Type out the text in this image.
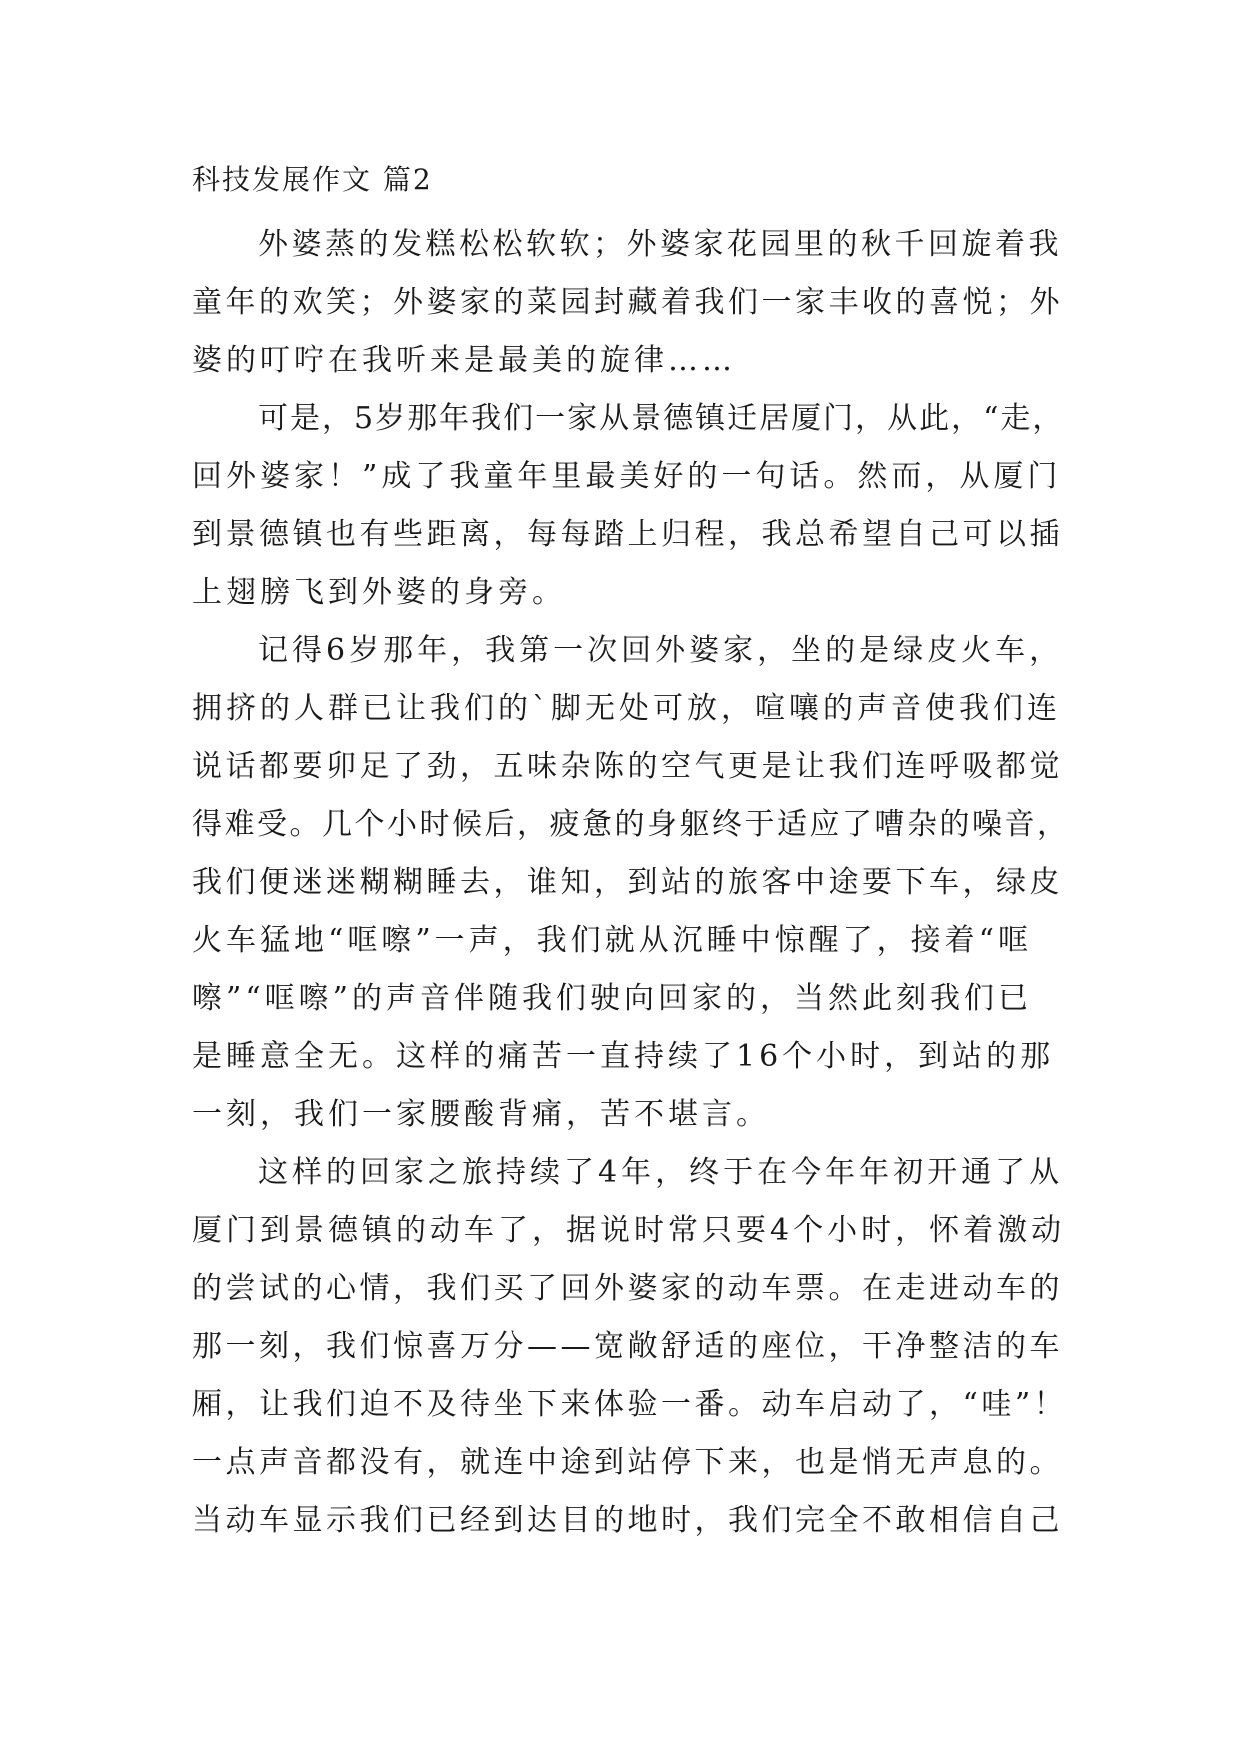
科技发展作文 篇2
外婆蒸的发糕松松软软；外婆家花园里的秋千回旋着我
童年的欢笑；外婆家的菜园封藏着我们一家丰收的喜悦；外
婆的叮咛在我听来是最美的旋律……
可是，5岁那年我们一家从景德镇迁居厦门，从此，“走，
回外婆家！”成了我童年里最美好的一句话。然而，从厦门
到景德镇也有些距离，每每踏上归程，我总希望自己可以插
上翅膀飞到外婆的身旁。
记得6岁那年，我第一次回外婆家，坐的是绿皮火车，
拥挤的人群已让我们的`脚无处可放，喧嚷的声音使我们连
说话都要卯足了劲，五味杂陈的空气更是让我们连呼吸都觉
得难受。几个小时候后，疲惫的身躯终于适应了嘈杂的噪音，
我们便迷迷糊糊睡去，谁知，到站的旅客中途要下车，绿皮
火车猛地“哐嚓”一声，我们就从沉睡中惊醒了，接着“哐
嚓”“哐嚓”的声音伴随我们驶向回家的，当然此刻我们已
是睡意全无。这样的痛苦一直持续了16个小时，到站的那
一刻，我们一家腰酸背痛，苦不堪言。
这样的回家之旅持续了4年，终于在今年年初开通了从
厦门到景德镇的动车了，据说时常只要4个小时，怀着激动
的尝试的心情，我们买了回外婆家的动车票。在走进动车的
那一刻，我们惊喜万分——宽敞舒适的座位，干净整洁的车
厢，让我们迫不及待坐下来体验一番。动车启动了，“哇”！
一点声音都没有，就连中途到站停下来，也是悄无声息的。
当动车显示我们已经到达目的地时，我们完全不敢相信自己
